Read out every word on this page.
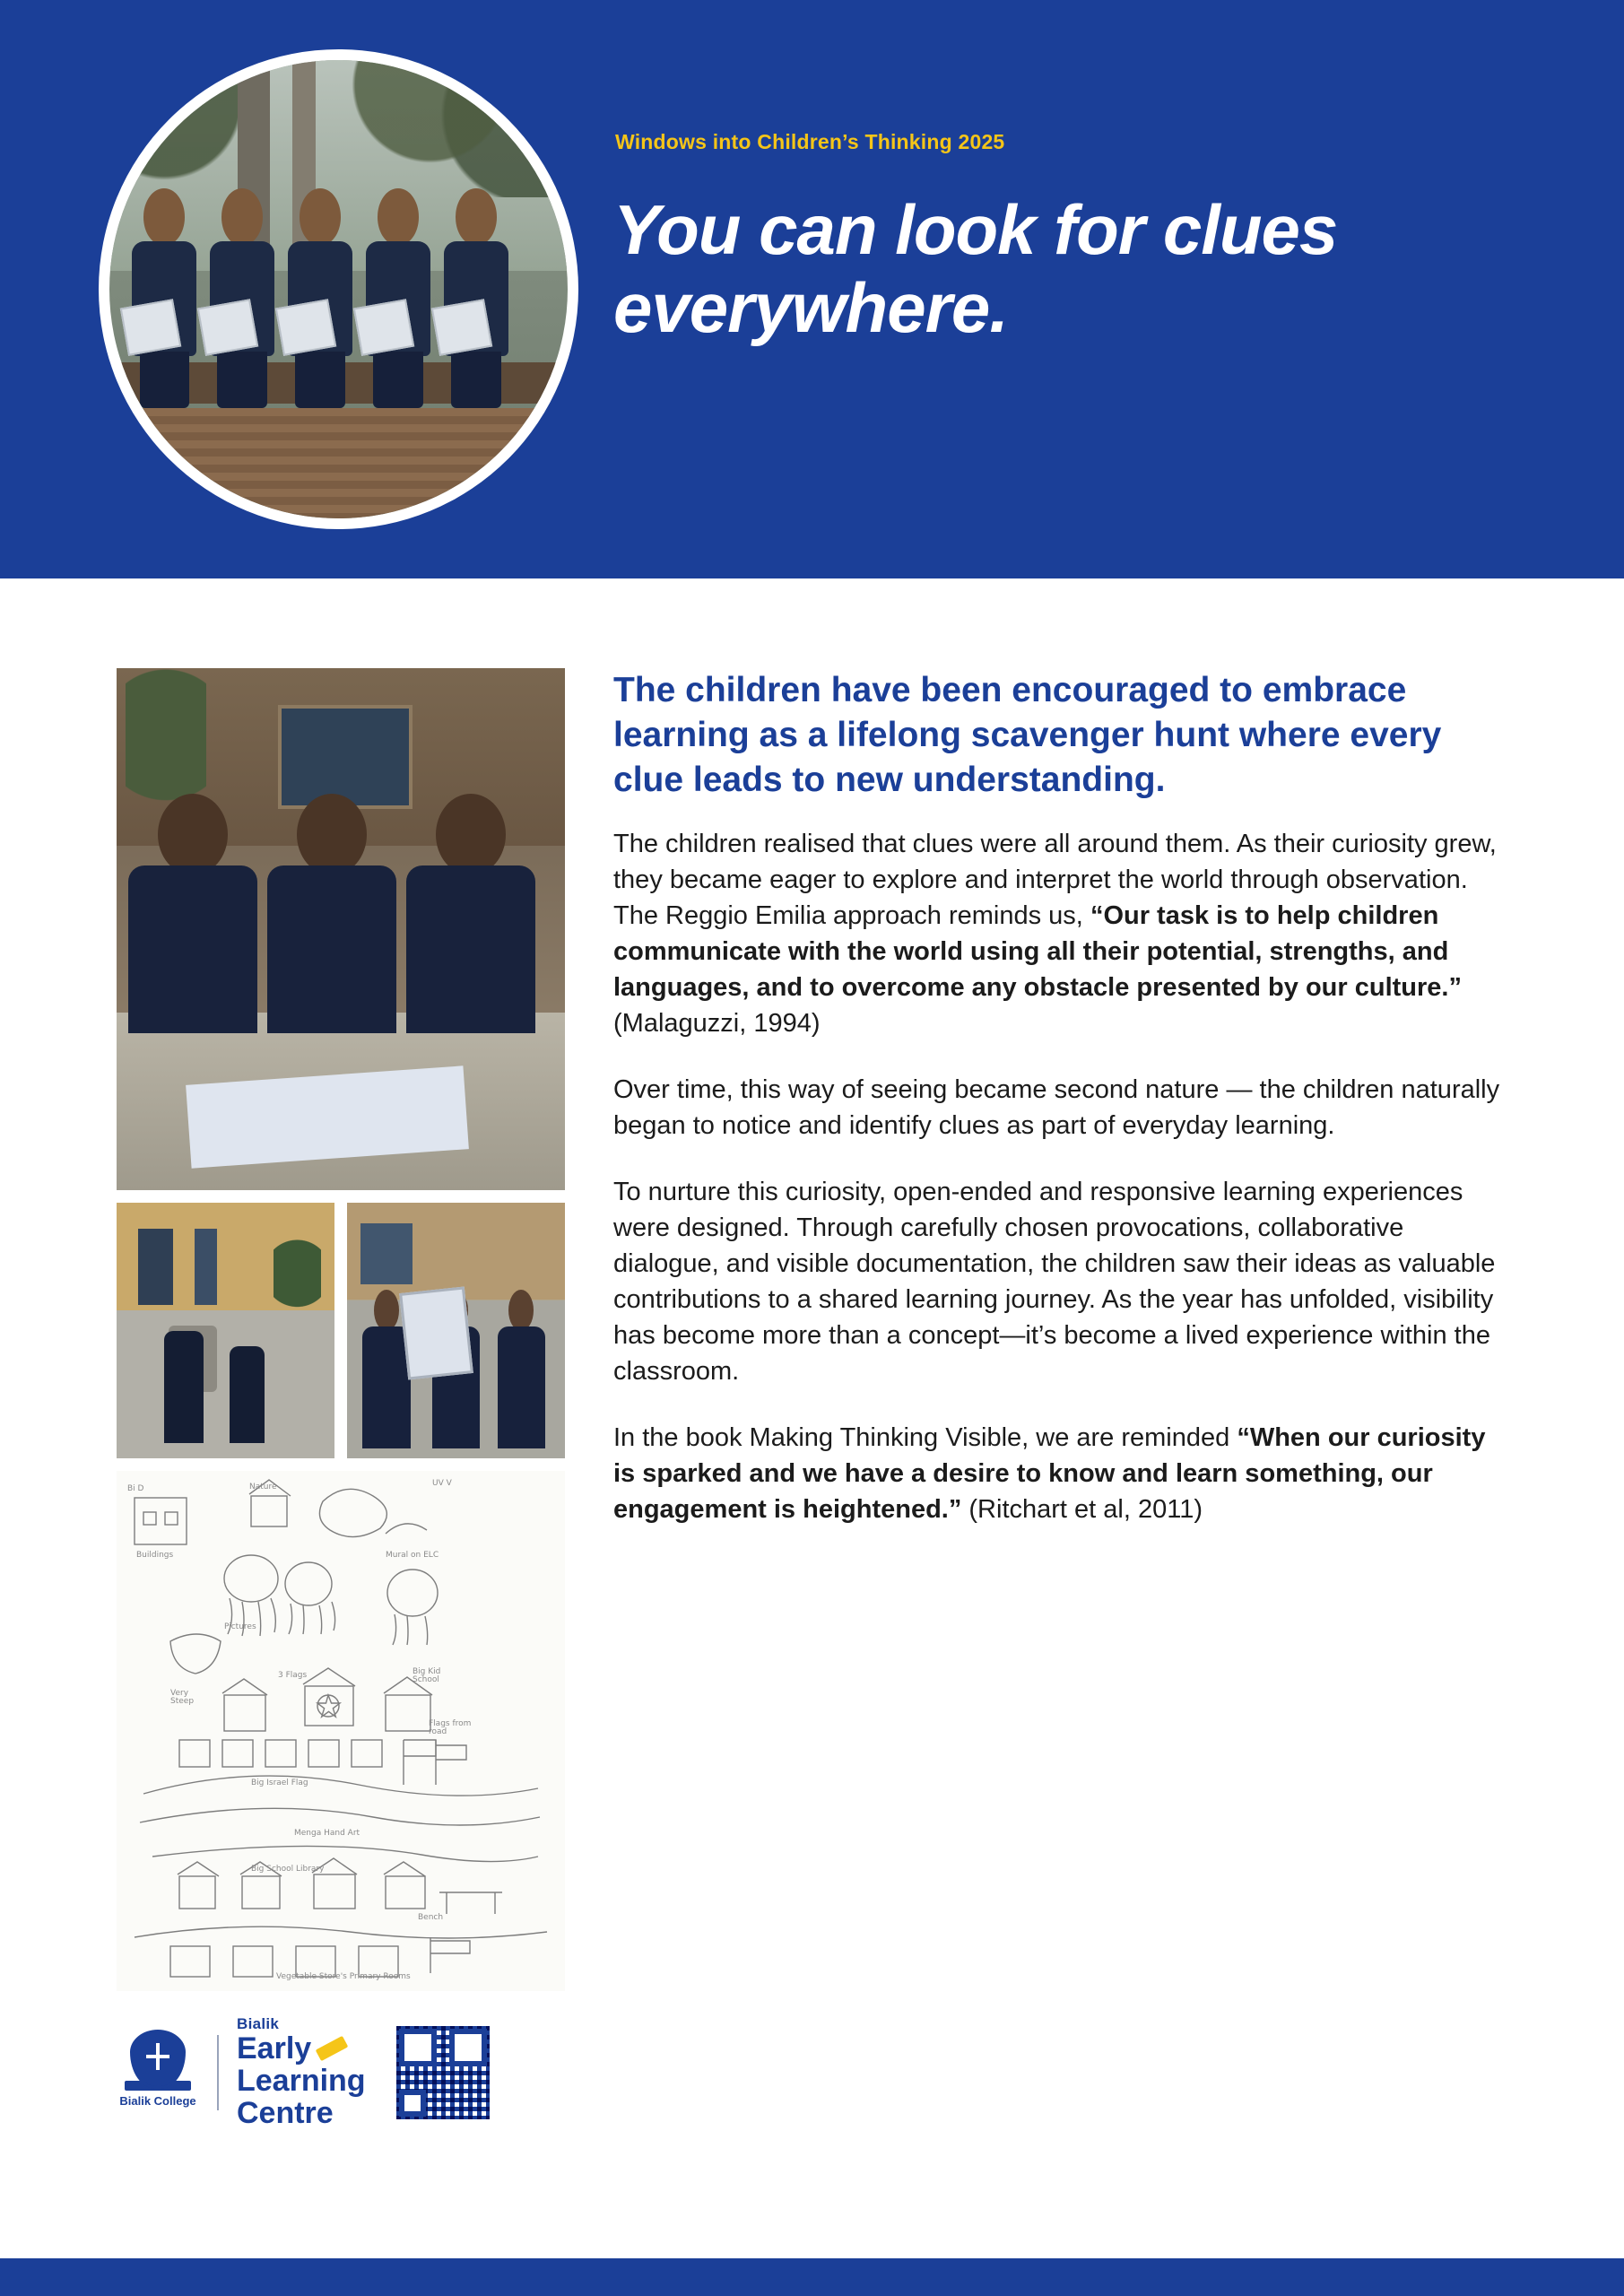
Windows into Children’s Thinking 2025
You can look for clues everywhere.
Buildings
Bi D	Nature
Mural on ELC
Pictures
3 Flags	Big Kid School
Flags from road
Very Steep
Big Israel Flag
Menga Hand Art
Big School Library
Bench
Vegetable Store's Primary Rooms
UV V
Bialik College
Bialik
Early
Learning
Centre
The children have been encouraged to embrace learning as a lifelong scavenger hunt where every clue leads to new understanding.
The children realised that clues were all around them. As their curiosity grew, they became eager to explore and interpret the world through observation. The Reggio Emilia approach reminds us, “Our task is to help children communicate with the world using all their potential, strengths, and languages, and to overcome any obstacle presented by our culture.” (Malaguzzi, 1994)
Over time, this way of seeing became second nature — the children naturally began to notice and identify clues as part of everyday learning.
To nurture this curiosity, open-ended and responsive learning experiences were designed. Through carefully chosen provocations, collaborative dialogue, and visible documentation, the children saw their ideas as valuable contributions to a shared learning journey. As the year has unfolded, visibility has become more than a concept—it’s become a lived experience within the classroom.
In the book Making Thinking Visible, we are reminded “When our curiosity is sparked and we have a desire to know and learn something, our engagement is heightened.” (Ritchart et al, 2011)
